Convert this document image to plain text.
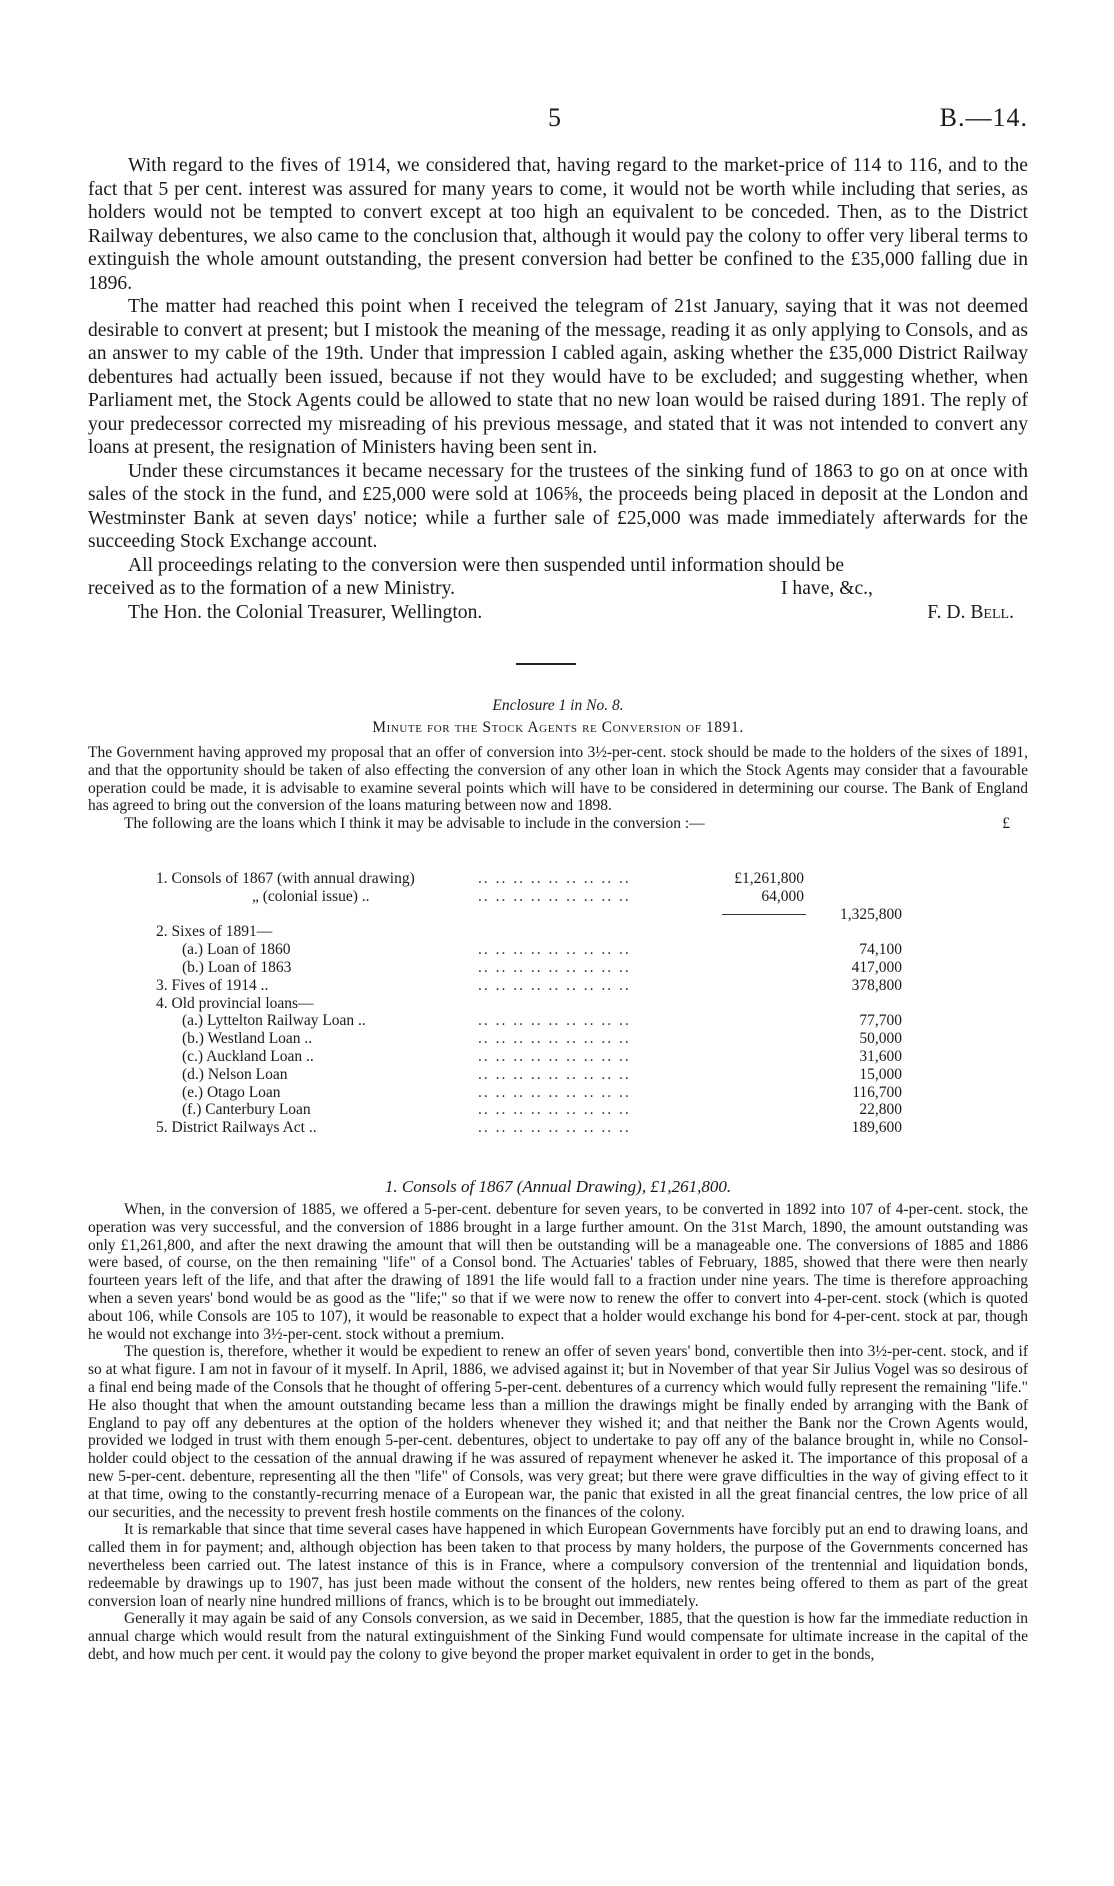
5	B.—14.

With regard to the fives of 1914, we considered that, having regard to the market-price of 114 to 116, and to the fact that 5 per cent. interest was assured for many years to come, it would not be worth while including that series, as holders would not be tempted to convert except at too high an equivalent to be conceded. Then, as to the District Railway debentures, we also came to the conclusion that, although it would pay the colony to offer very liberal terms to extinguish the whole amount outstanding, the present conversion had better be confined to the £35,000 falling due in 1896.

The matter had reached this point when I received the telegram of 21st January, saying that it was not deemed desirable to convert at present; but I mistook the meaning of the message, reading it as only applying to Consols, and as an answer to my cable of the 19th. Under that impression I cabled again, asking whether the £35,000 District Railway debentures had actually been issued, because if not they would have to be excluded; and suggesting whether, when Parliament met, the Stock Agents could be allowed to state that no new loan would be raised during 1891. The reply of your predecessor corrected my misreading of his previous message, and stated that it was not intended to convert any loans at present, the resignation of Ministers having been sent in.

Under these circumstances it became necessary for the trustees of the sinking fund of 1863 to go on at once with sales of the stock in the fund, and £25,000 were sold at 106⅝, the proceeds being placed in deposit at the London and Westminster Bank at seven days' notice; while a further sale of £25,000 was made immediately afterwards for the succeeding Stock Exchange account.

All proceedings relating to the conversion were then suspended until information should be

received as to the formation of a new Ministry.	I have, &c.,
The Hon. the Colonial Treasurer, Wellington.	F. D. Bell.
Enclosure 1 in No. 8.
Minute for the Stock Agents re Conversion of 1891.

The Government having approved my proposal that an offer of conversion into 3½-per-cent. stock should be made to the holders of the sixes of 1891, and that the opportunity should be taken of also effecting the conversion of any other loan in which the Stock Agents may consider that a favourable operation could be made, it is advisable to examine several points which will have to be considered in determining our course. The Bank of England has agreed to bring out the conversion of the loans maturing between now and 1898.

The following are the loans which I think it may be advisable to include in the conversion :—	£

1. Consols of 1867 (with annual drawing)	.. .. .. .. .. .. .. .. ..	£1,261,800
„ (colonial issue) ..	.. .. .. .. .. .. .. .. ..	64,000
1,325,800
2. Sixes of 1891—
(a.) Loan of 1860	.. .. .. .. .. .. .. .. ..	74,100
(b.) Loan of 1863	.. .. .. .. .. .. .. .. ..	417,000
3. Fives of 1914 ..	.. .. .. .. .. .. .. .. ..	378,800
4. Old provincial loans—
(a.) Lyttelton Railway Loan ..	.. .. .. .. .. .. .. .. ..	77,700
(b.) Westland Loan ..	.. .. .. .. .. .. .. .. ..	50,000
(c.) Auckland Loan ..	.. .. .. .. .. .. .. .. ..	31,600
(d.) Nelson Loan	.. .. .. .. .. .. .. .. ..	15,000
(e.) Otago Loan	.. .. .. .. .. .. .. .. ..	116,700
(f.) Canterbury Loan	.. .. .. .. .. .. .. .. ..	22,800
5. District Railways Act ..	.. .. .. .. .. .. .. .. ..	189,600
1. Consols of 1867 (Annual Drawing), £1,261,800.

When, in the conversion of 1885, we offered a 5-per-cent. debenture for seven years, to be converted in 1892 into 107 of 4-per-cent. stock, the operation was very successful, and the conversion of 1886 brought in a large further amount. On the 31st March, 1890, the amount outstanding was only £1,261,800, and after the next drawing the amount that will then be outstanding will be a manageable one. The conversions of 1885 and 1886 were based, of course, on the then remaining "life" of a Consol bond. The Actuaries' tables of February, 1885, showed that there were then nearly fourteen years left of the life, and that after the drawing of 1891 the life would fall to a fraction under nine years. The time is therefore approaching when a seven years' bond would be as good as the "life;" so that if we were now to renew the offer to convert into 4-per-cent. stock (which is quoted about 106, while Consols are 105 to 107), it would be reasonable to expect that a holder would exchange his bond for 4-per-cent. stock at par, though he would not exchange into 3½-per-cent. stock without a premium.

The question is, therefore, whether it would be expedient to renew an offer of seven years' bond, convertible then into 3½-per-cent. stock, and if so at what figure. I am not in favour of it myself. In April, 1886, we advised against it; but in November of that year Sir Julius Vogel was so desirous of a final end being made of the Consols that he thought of offering 5-per-cent. debentures of a currency which would fully represent the remaining "life." He also thought that when the amount outstanding became less than a million the drawings might be finally ended by arranging with the Bank of England to pay off any debentures at the option of the holders whenever they wished it; and that neither the Bank nor the Crown Agents would, provided we lodged in trust with them enough 5-per-cent. debentures, object to undertake to pay off any of the balance brought in, while no Consol-holder could object to the cessation of the annual drawing if he was assured of repayment whenever he asked it. The importance of this proposal of a new 5-per-cent. debenture, representing all the then "life" of Consols, was very great; but there were grave difficulties in the way of giving effect to it at that time, owing to the constantly-recurring menace of a European war, the panic that existed in all the great financial centres, the low price of all our securities, and the necessity to prevent fresh hostile comments on the finances of the colony.

It is remarkable that since that time several cases have happened in which European Governments have forcibly put an end to drawing loans, and called them in for payment; and, although objection has been taken to that process by many holders, the purpose of the Governments concerned has nevertheless been carried out. The latest instance of this is in France, where a compulsory conversion of the trentennial and liquidation bonds, redeemable by drawings up to 1907, has just been made without the consent of the holders, new rentes being offered to them as part of the great conversion loan of nearly nine hundred millions of francs, which is to be brought out immediately.

Generally it may again be said of any Consols conversion, as we said in December, 1885, that the question is how far the immediate reduction in annual charge which would result from the natural extinguishment of the Sinking Fund would compensate for ultimate increase in the capital of the debt, and how much per cent. it would pay the colony to give beyond the proper market equivalent in order to get in the bonds,
